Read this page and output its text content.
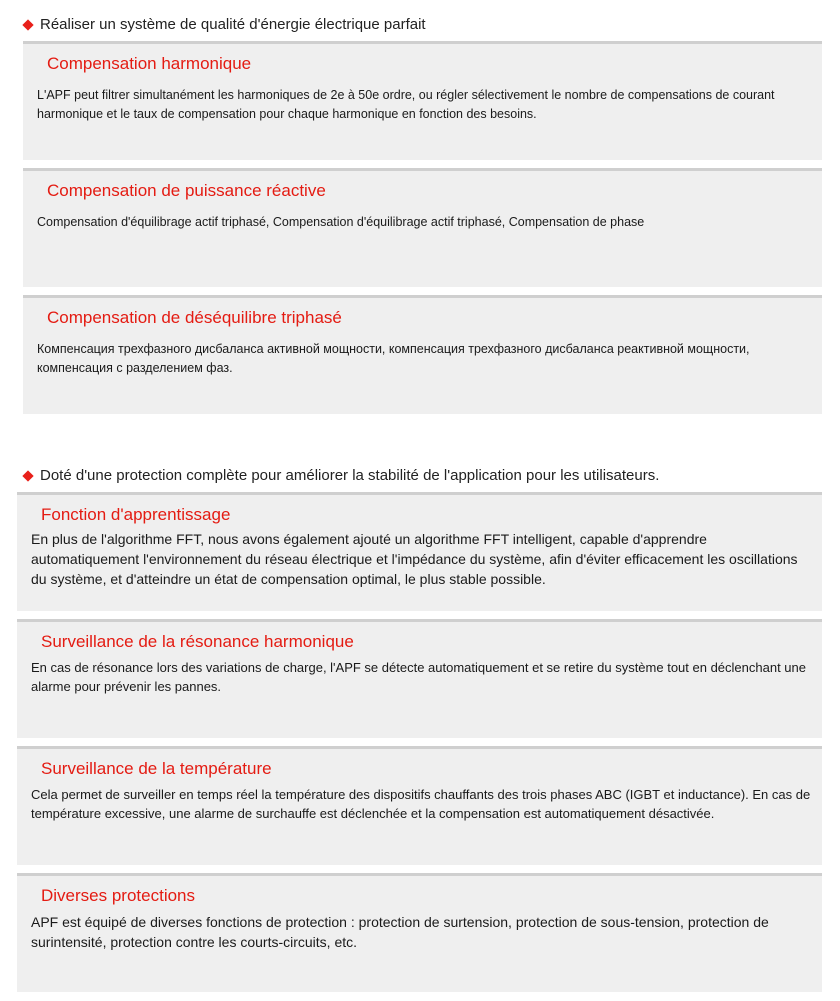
Réaliser un système de qualité d'énergie électrique parfait
Compensation harmonique
L'APF peut filtrer simultanément les harmoniques de 2e à 50e ordre, ou régler sélectivement le nombre de compensations de courant harmonique et le taux de compensation pour chaque harmonique en fonction des besoins.
Compensation de puissance réactive
Compensation d'équilibrage actif triphasé, Compensation d'équilibrage actif triphasé, Compensation de phase
Compensation de déséquilibre triphasé
Компенсация трехфазного дисбаланса активной мощности, компенсация трехфазного дисбаланса реактивной мощности, компенсация с разделением фаз.
Doté d'une protection complète pour améliorer la stabilité de l'application pour les utilisateurs.
Fonction d'apprentissage
En plus de l'algorithme FFT, nous avons également ajouté un algorithme FFT intelligent, capable d'apprendre automatiquement l'environnement du réseau électrique et l'impédance du système, afin d'éviter efficacement les oscillations du système, et d'atteindre un état de compensation optimal, le plus stable possible.
Surveillance de la résonance harmonique
En cas de résonance lors des variations de charge, l'APF se détecte automatiquement et se retire du système tout en déclenchant une alarme pour prévenir les pannes.
Surveillance de la température
Cela permet de surveiller en temps réel la température des dispositifs chauffants des trois phases ABC (IGBT et inductance). En cas de température excessive, une alarme de surchauffe est déclenchée et la compensation est automatiquement désactivée.
Diverses protections
APF est équipé de diverses fonctions de protection : protection de surtension, protection de sous-tension, protection de surintensité, protection contre les courts-circuits, etc.
